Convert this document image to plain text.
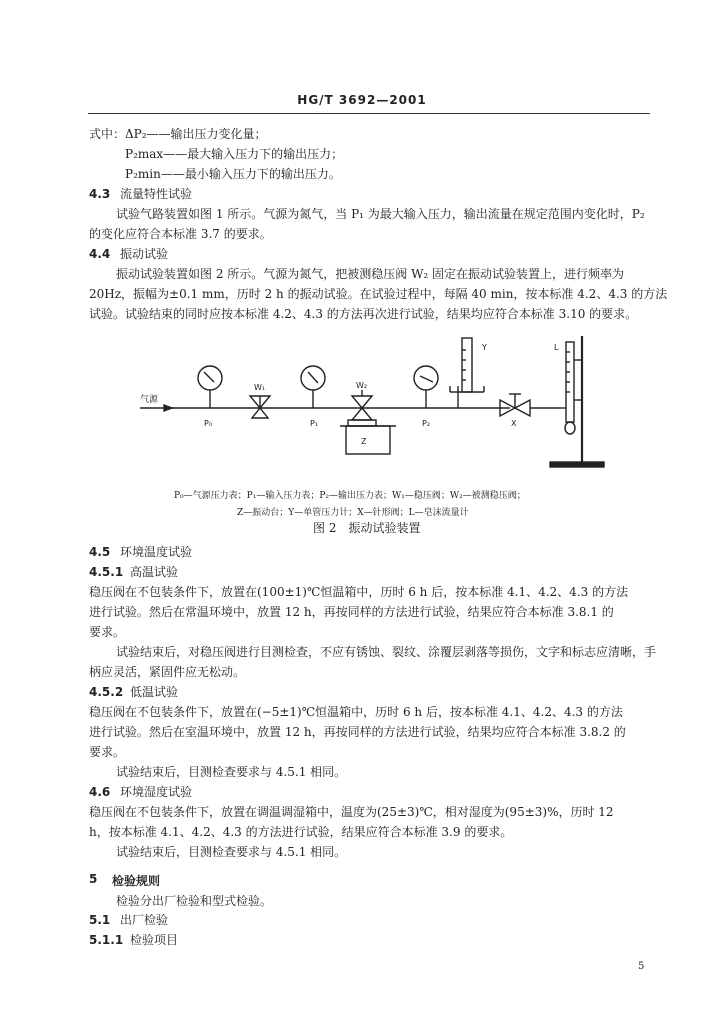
HG/T 3692—2001
式中：ΔP₂——输出压力变化量；
P₂max——最大输入压力下的输出压力；
P₂min——最小输入压力下的输出压力。
4.3 流量特性试验
试验气路装置如图 1 所示。气源为氮气，当 P₁ 为最大输入压力，输出流量在规定范围内变化时，P₂
的变化应符合本标准 3.7 的要求。
4.4 振动试验
振动试验装置如图 2 所示。气源为氮气，把被测稳压阀 W₂ 固定在振动试验装置上，进行频率为
20Hz，振幅为±0.1 mm，历时 2 h 的振动试验。在试验过程中，每隔 40 min，按本标准 4.2、4.3 的方法
试验。试验结束的同时应按本标准 4.2、4.3 的方法再次进行试验，结果均应符合本标准 3.10 的要求。
气源
P₀
W₁
P₁
W₂
Z
P₂
Y
X
L
P₀—气源压力表；P₁—输入压力表；P₂—输出压力表；W₁—稳压阀；W₂—被测稳压阀；
Z—振动台；Y—单管压力计；X—针形阀；L—皂沫流量计
图 2　振动试验装置
4.5 环境温度试验
4.5.1 高温试验
稳压阀在不包装条件下，放置在(100±1)℃恒温箱中，历时 6 h 后，按本标准 4.1、4.2、4.3 的方法
进行试验。然后在常温环境中，放置 12 h，再按同样的方法进行试验，结果应符合本标准 3.8.1 的
要求。
试验结束后，对稳压阀进行目测检查，不应有锈蚀、裂纹、涂覆层剥落等损伤，文字和标志应清晰，手
柄应灵活，紧固件应无松动。
4.5.2 低温试验
稳压阀在不包装条件下，放置在(−5±1)℃恒温箱中，历时 6 h 后，按本标准 4.1、4.2、4.3 的方法
进行试验。然后在室温环境中，放置 12 h，再按同样的方法进行试验，结果均应符合本标准 3.8.2 的
要求。
试验结束后，目测检查要求与 4.5.1 相同。
4.6 环境湿度试验
稳压阀在不包装条件下，放置在调温调湿箱中，温度为(25±3)℃，相对湿度为(95±3)%，历时 12
h，按本标准 4.1、4.2、4.3 的方法进行试验，结果应符合本标准 3.9 的要求。
试验结束后，目测检查要求与 4.5.1 相同。
5 检验规则
检验分出厂检验和型式检验。
5.1 出厂检验
5.1.1 检验项目
5
